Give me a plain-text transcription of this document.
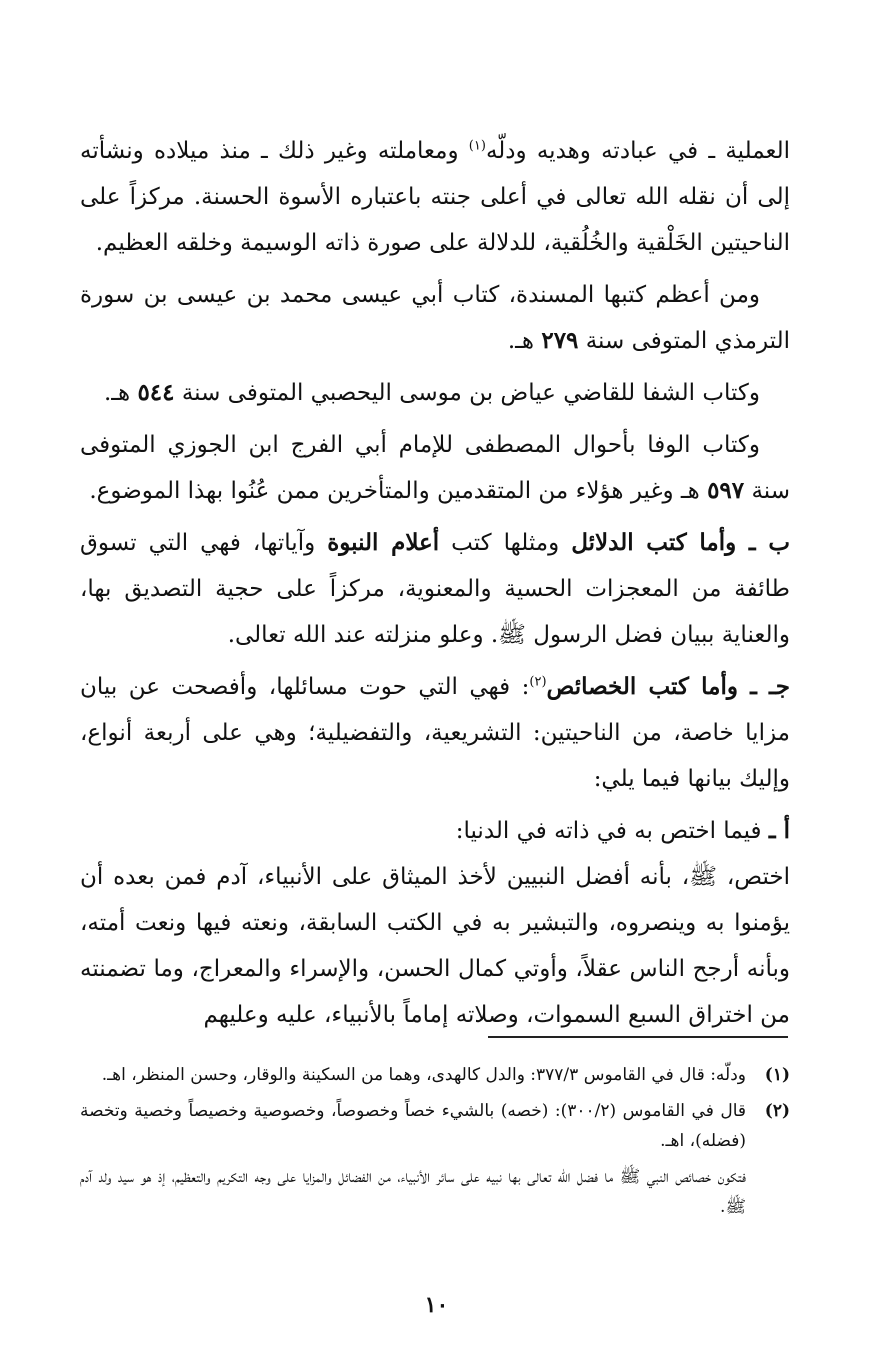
العملية ـ في عبادته وهديه ودلّه$^{(١)}$ ومعاملته وغير ذلك ـ منذ ميلاده ونشأته إلى أن نقله الله تعالى في أعلى جنته باعتباره الأسوة الحسنة. مركزاً على الناحيتين الخَلْقية والخُلُقية، للدلالة على صورة ذاته الوسيمة وخلقه العظيم.

ومن أعظم كتبها المسندة، كتاب أبي عيسى محمد بن عيسى بن سورة الترمذي المتوفى سنة ٢٧٩ هـ.

وكتاب الشفا للقاضي عياض بن موسى اليحصبي المتوفى سنة ٥٤٤ هـ.

وكتاب الوفا بأحوال المصطفى للإمام أبي الفرج ابن الجوزي المتوفى سنة ٥٩٧ هـ وغير هؤلاء من المتقدمين والمتأخرين ممن عُنُوا بهذا الموضوع.

ب ـ وأما كتب الدلائل ومثلها كتب أعلام النبوة وآياتها، فهي التي تسوق طائفة من المعجزات الحسية والمعنوية، مركزاً على حجية التصديق بها، والعناية ببيان فضل الرسول ﷺ. وعلو منزلته عند الله تعالى.

جـ ـ وأما كتب الخصائص$^{(٢)}$: فهي التي حوت مسائلها، وأفصحت عن بيان مزايا خاصة، من الناحيتين: التشريعية، والتفضيلية؛ وهي على أربعة أنواع، وإليك بيانها فيما يلي:

أ ـ فيما اختص به في ذاته في الدنيا:

اختص، ﷺ، بأنه أفضل النبيين لأخذ الميثاق على الأنبياء، آدم فمن بعده أن يؤمنوا به وينصروه، والتبشير به في الكتب السابقة، ونعته فيها ونعت أمته، وبأنه أرجح الناس عقلاً، وأوتي كمال الحسن، والإسراء والمعراج، وما تضمنته من اختراق السبع السموات، وصلاته إماماً بالأنبياء، عليه وعليهم

(١)
ودلّه: قال في القاموس ٣٧٧/٣: والدل كالهدى، وهما من السكينة والوقار، وحسن المنظر، اهـ.

(٢)
قال في القاموس (٣٠٠/٢): (خصه) بالشيء خصاً وخصوصاً، وخصوصية وخصيصاً وخصية وتخصة (فضله)، اهـ.

فتكون خصائص النبي ﷺ ما فضل الله تعالى بها نبيه على سائر الأنبياء، من الفضائل والمزايا على وجه التكريم والتعظيم، إذ هو سيد ولد آدم ﷺ.

١٠
